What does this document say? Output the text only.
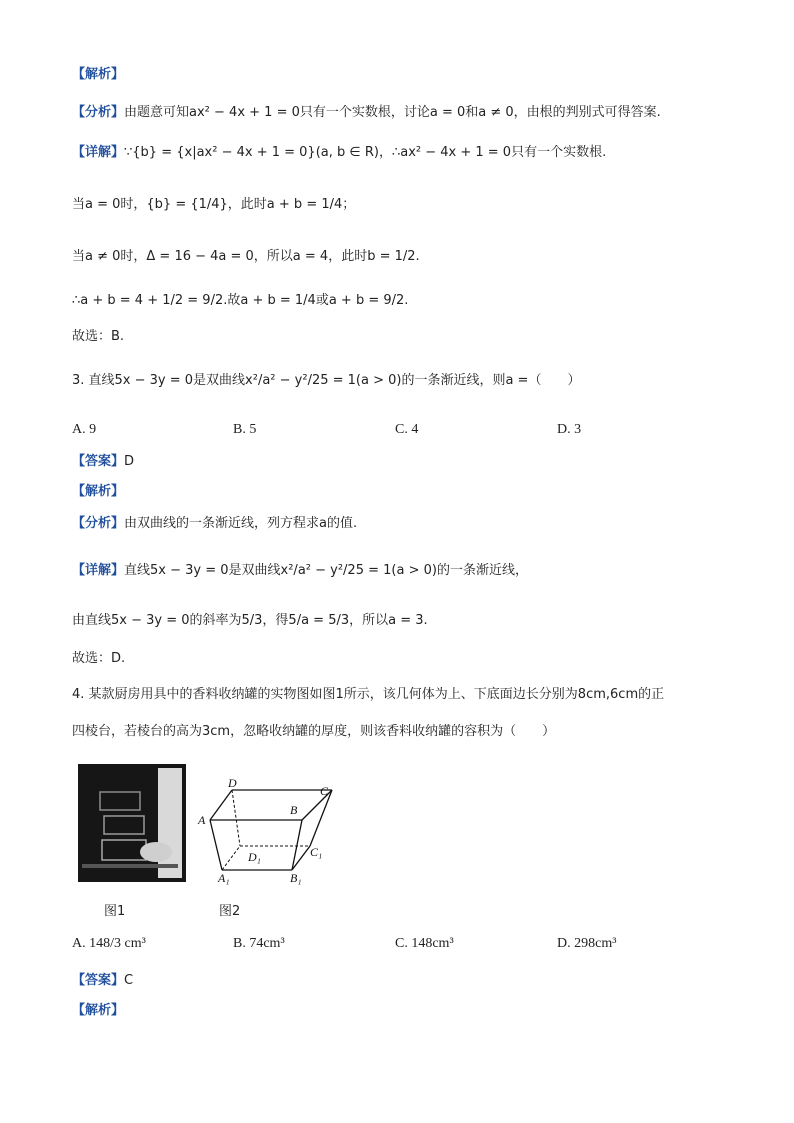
【解析】
【分析】由题意可知ax² − 4x + 1 = 0只有一个实数根，讨论a = 0和a ≠ 0，由根的判别式可得答案.
【详解】∵{b} = {x|ax² − 4x + 1 = 0}(a, b ∈ R)，∴ax² − 4x + 1 = 0只有一个实数根.
当a = 0时，{b} = {1/4}，此时a + b = 1/4；
当a ≠ 0时，Δ = 16 − 4a = 0，所以a = 4，此时b = 1/2.
∴a + b = 4 + 1/2 = 9/2.故a + b = 1/4或a + b = 9/2.
故选：B.
3. 直线5x − 3y = 0是双曲线x²/a² − y²/25 = 1(a > 0)的一条渐近线，则a =（　　）
A. 9	B. 5	C. 4	D. 3
【答案】D
【解析】
【分析】由双曲线的一条渐近线，列方程求a的值.
【详解】直线5x − 3y = 0是双曲线x²/a² − y²/25 = 1(a > 0)的一条渐近线，
由直线5x − 3y = 0的斜率为5/3，得5/a = 5/3，所以a = 3.
故选：D.
4. 某款厨房用具中的香料收纳罐的实物图如图1所示，该几何体为上、下底面边长分别为8cm,6cm的正
四棱台，若棱台的高为3cm，忽略收纳罐的厚度，则该香料收纳罐的容积为（　　）
D
C
A
B
D₁	C₁
A₁	B₁
图1	图2
A. 148/3 cm³	B. 74cm³	C. 148cm³	D. 298cm³
【答案】C
【解析】
